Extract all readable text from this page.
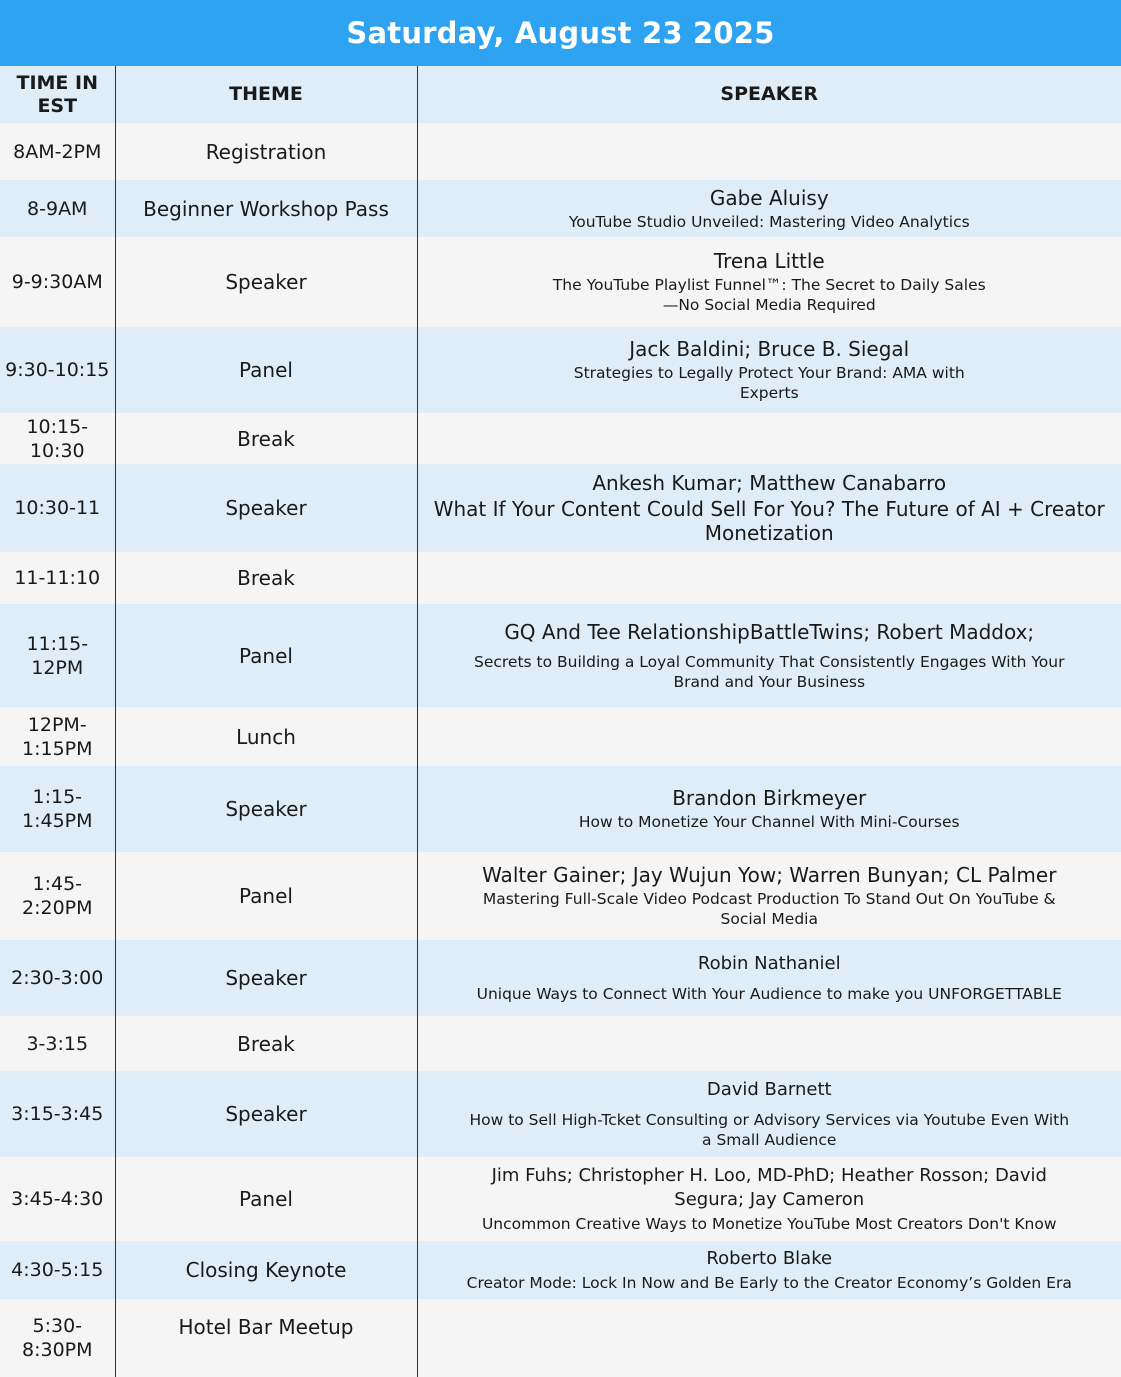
Saturday, August 23 2025
TIME IN EST	THEME	SPEAKER
8AM-2PM	Registration	
8-9AM	Beginner Workshop Pass	Gabe Aluisy
YouTube Studio Unveiled: Mastering Video Analytics

9-9:30AM	Speaker	Trena Little
The YouTube Playlist Funnel™: The Secret to Daily Sales—No Social Media Required

9:30-10:15	Panel	Jack Baldini; Bruce B. Siegal
Strategies to Legally Protect Your Brand: AMA with Experts

10:15-10:30	Break	
10:30-11	Speaker	Ankesh Kumar; Matthew Canabarro
What If Your Content Could Sell For You? The Future of AI + Creator Monetization

11-11:10	Break	
11:15-12PM	Panel	GQ And Tee RelationshipBattleTwins; Robert Maddox;
Secrets to Building a Loyal Community That Consistently Engages With Your Brand and Your Business

12PM-1:15PM	Lunch	
1:15-1:45PM	Speaker	Brandon Birkmeyer
How to Monetize Your Channel With Mini-Courses

1:45-2:20PM	Panel	Walter Gainer; Jay Wujun Yow; Warren Bunyan; CL Palmer
Mastering Full-Scale Video Podcast Production To Stand Out On YouTube & Social Media

2:30-3:00	Speaker	Robin Nathaniel
Unique Ways to Connect With Your Audience to make you UNFORGETTABLE

3-3:15	Break	
3:15-3:45	Speaker	David Barnett
How to Sell High-Tcket Consulting or Advisory Services via Youtube Even With a Small Audience

3:45-4:30	Panel	Jim Fuhs; Christopher H. Loo, MD-PhD; Heather Rosson; David Segura; Jay Cameron
Uncommon Creative Ways to Monetize YouTube Most Creators Don't Know

4:30-5:15	Closing Keynote	Roberto Blake
Creator Mode: Lock In Now and Be Early to the Creator Economy’s Golden Era

5:30-8:30PM	Hotel Bar Meetup	
